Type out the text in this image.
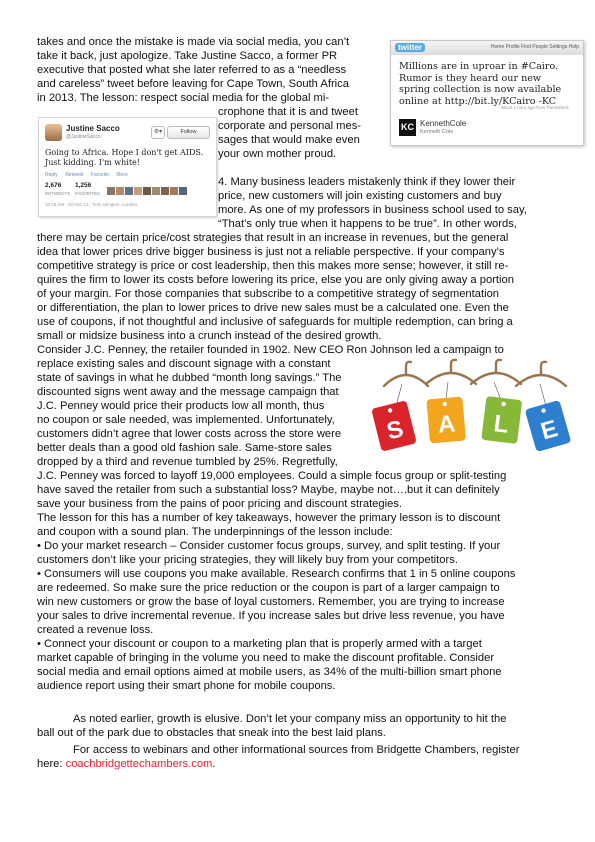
twitter	Home Profile Find People Settings Help
Millions are in uproar in #Cairo. Rumor is they heard our new spring collection is now available online at http://bit.ly/KCairo -KC
about 1 hour ago from TweetDeck
KC KennethCole
Kenneth Cole
Justine Sacco
@JustineSacco
⚙▾	Follow
Going to Africa. Hope I don't get AIDS. Just kidding. I'm white!
Reply Retweet Favorite More
2,676
RETWEETS
1,256
FAVORITES
10:19 AM - 20 Dec 13 · from Islington, London
S A L E
takes and once the mistake is made via social media, you can’t
take it back, just apologize. Take Justine Sacco, a former PR
executive that posted what she later referred to as a “needless
and careless” tweet before leaving for Cape Town, South Africa
in 2013. The lesson: respect social media for the global mi-
crophone that it is and tweet
corporate and personal mes-
sages that would make even
your own mother proud.
4. Many business leaders mistakenly think if they lower their
price, new customers will join existing customers and buy
more. As one of my professors in business school used to say,
“That’s only true when it happens to be true”. In other words,
there may be certain price/cost strategies that result in an increase in revenues, but the general
idea that lower prices drive bigger business is just not a reliable perspective. If your company’s
competitive strategy is price or cost leadership, then this makes more sense; however, it still re-
quires the firm to lower its costs before lowering its price, else you are only giving away a portion
of your margin. For those companies that subscribe to a competitive strategy of segmentation
or differentiation, the plan to lower prices to drive new sales must be a calculated one. Even the
use of coupons, if not thoughtful and inclusive of safeguards for multiple redemption, can bring a
small or midsize business into a crunch instead of the desired growth.
Consider J.C. Penney, the retailer founded in 1902. New CEO Ron Johnson led a campaign to
replace existing sales and discount signage with a constant
state of savings in what he dubbed “month long savings.” The
discounted signs went away and the message campaign that
J.C. Penney would price their products low all month, thus
no coupon or sale needed, was implemented. Unfortunately,
customers didn’t agree that lower costs across the store were
better deals than a good old fashion sale. Same-store sales
dropped by a third and revenue tumbled by 25%. Regretfully,
J.C. Penney was forced to layoff 19,000 employees. Could a simple focus group or split-testing
have saved the retailer from such a substantial loss? Maybe, maybe not….but it can definitely
save your business from the pains of poor pricing and discount strategies.
The lesson for this has a number of key takeaways, however the primary lesson is to discount
and coupon with a sound plan. The underpinnings of the lesson include:
• Do your market research – Consider customer focus groups, survey, and split testing. If your
customers don’t like your pricing strategies, they will likely buy from your competitors.
• Consumers will use coupons you make available. Research confirms that 1 in 5 online coupons
are redeemed. So make sure the price reduction or the coupon is part of a larger campaign to
win new customers or grow the base of loyal customers. Remember, you are trying to increase
your sales to drive incremental revenue. If you increase sales but drive less revenue, you have
created a revenue loss.
• Connect your discount or coupon to a marketing plan that is properly armed with a target
market capable of bringing in the volume you need to make the discount profitable. Consider
social media and email options aimed at mobile users, as 34% of the multi-billion smart phone
audience report using their smart phone for mobile coupons.
As noted earlier, growth is elusive. Don’t let your company miss an opportunity to hit the
ball out of the park due to obstacles that sneak into the best laid plans.
For access to webinars and other informational sources from Bridgette Chambers, register
here: coachbridgettechambers.com.
